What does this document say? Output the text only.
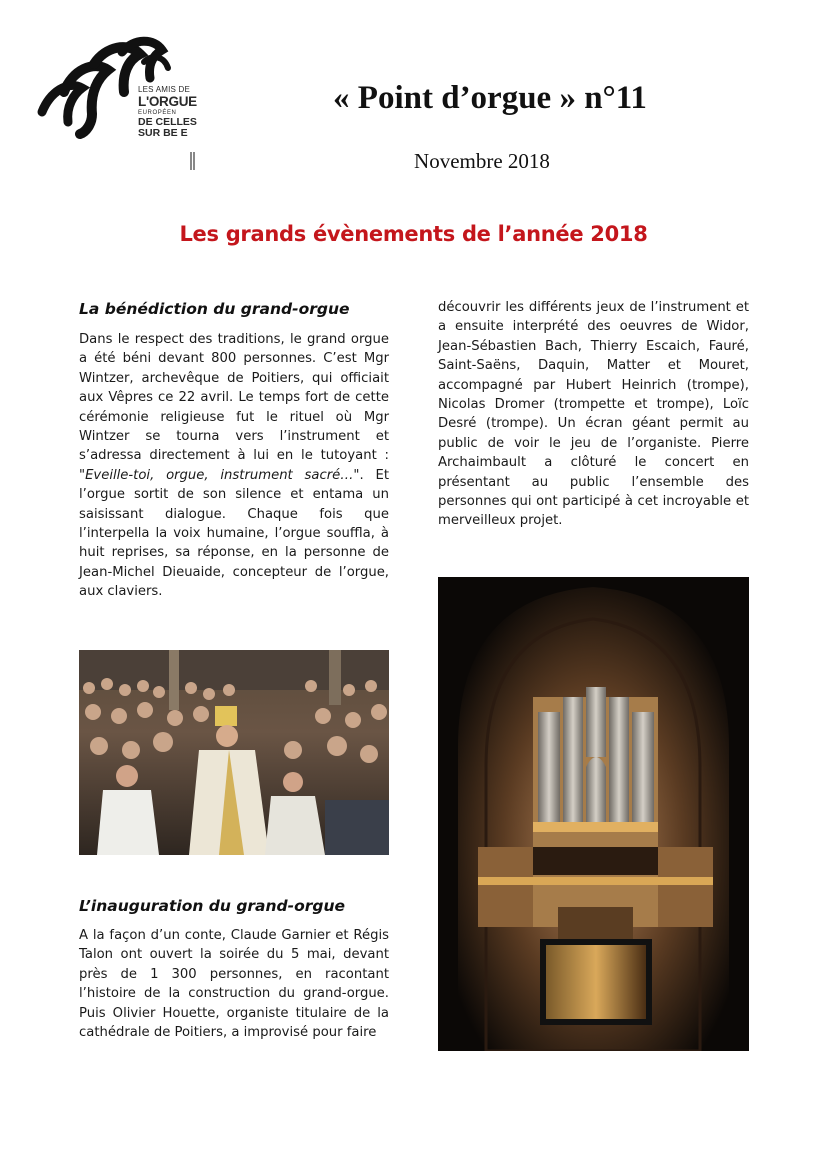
LES AMIS DE
L'ORGUE
EUROPÉEN
DE CELLES
SUR BE E
« Point d’orgue » n°11
Novembre 2018
Les grands évènements de l’année 2018
La bénédiction du grand-orgue
Dans le respect des traditions, le grand orgue a été béni devant 800 personnes. C’est Mgr Wintzer, archevêque de Poitiers, qui officiait aux Vêpres ce 22 avril. Le temps fort de cette cérémonie religieuse fut le rituel où Mgr Wintzer se tourna vers l’instrument et s’adressa directement à lui en le tutoyant : "Eveille-toi, orgue, instrument sacré…". Et l’orgue sortit de son silence et entama un saisissant dialogue. Chaque fois que l’interpella la voix humaine, l’orgue souffla, à huit reprises, sa réponse, en la personne de Jean-Michel Dieuaide, concepteur de l’orgue, aux claviers.
L’inauguration du grand-orgue
A la façon d’un conte, Claude Garnier et Régis Talon ont ouvert la soirée du 5 mai, devant près de 1 300 personnes, en racontant l’histoire de la construction du grand-orgue. Puis Olivier Houette, organiste titulaire de la cathédrale de Poitiers, a improvisé pour faire
découvrir les différents jeux de l’instrument et a ensuite interprété des oeuvres de Widor, Jean-Sébastien Bach, Thierry Escaich, Fauré, Saint-Saëns, Daquin, Matter et Mouret, accompagné par Hubert Heinrich (trompe), Nicolas Dromer (trompette et trompe), Loïc Desré (trompe). Un écran géant permit au public de voir le jeu de l’organiste. Pierre Archaimbault a clôturé le concert en présentant au public l’ensemble des personnes qui ont participé à cet incroyable et merveilleux projet.
